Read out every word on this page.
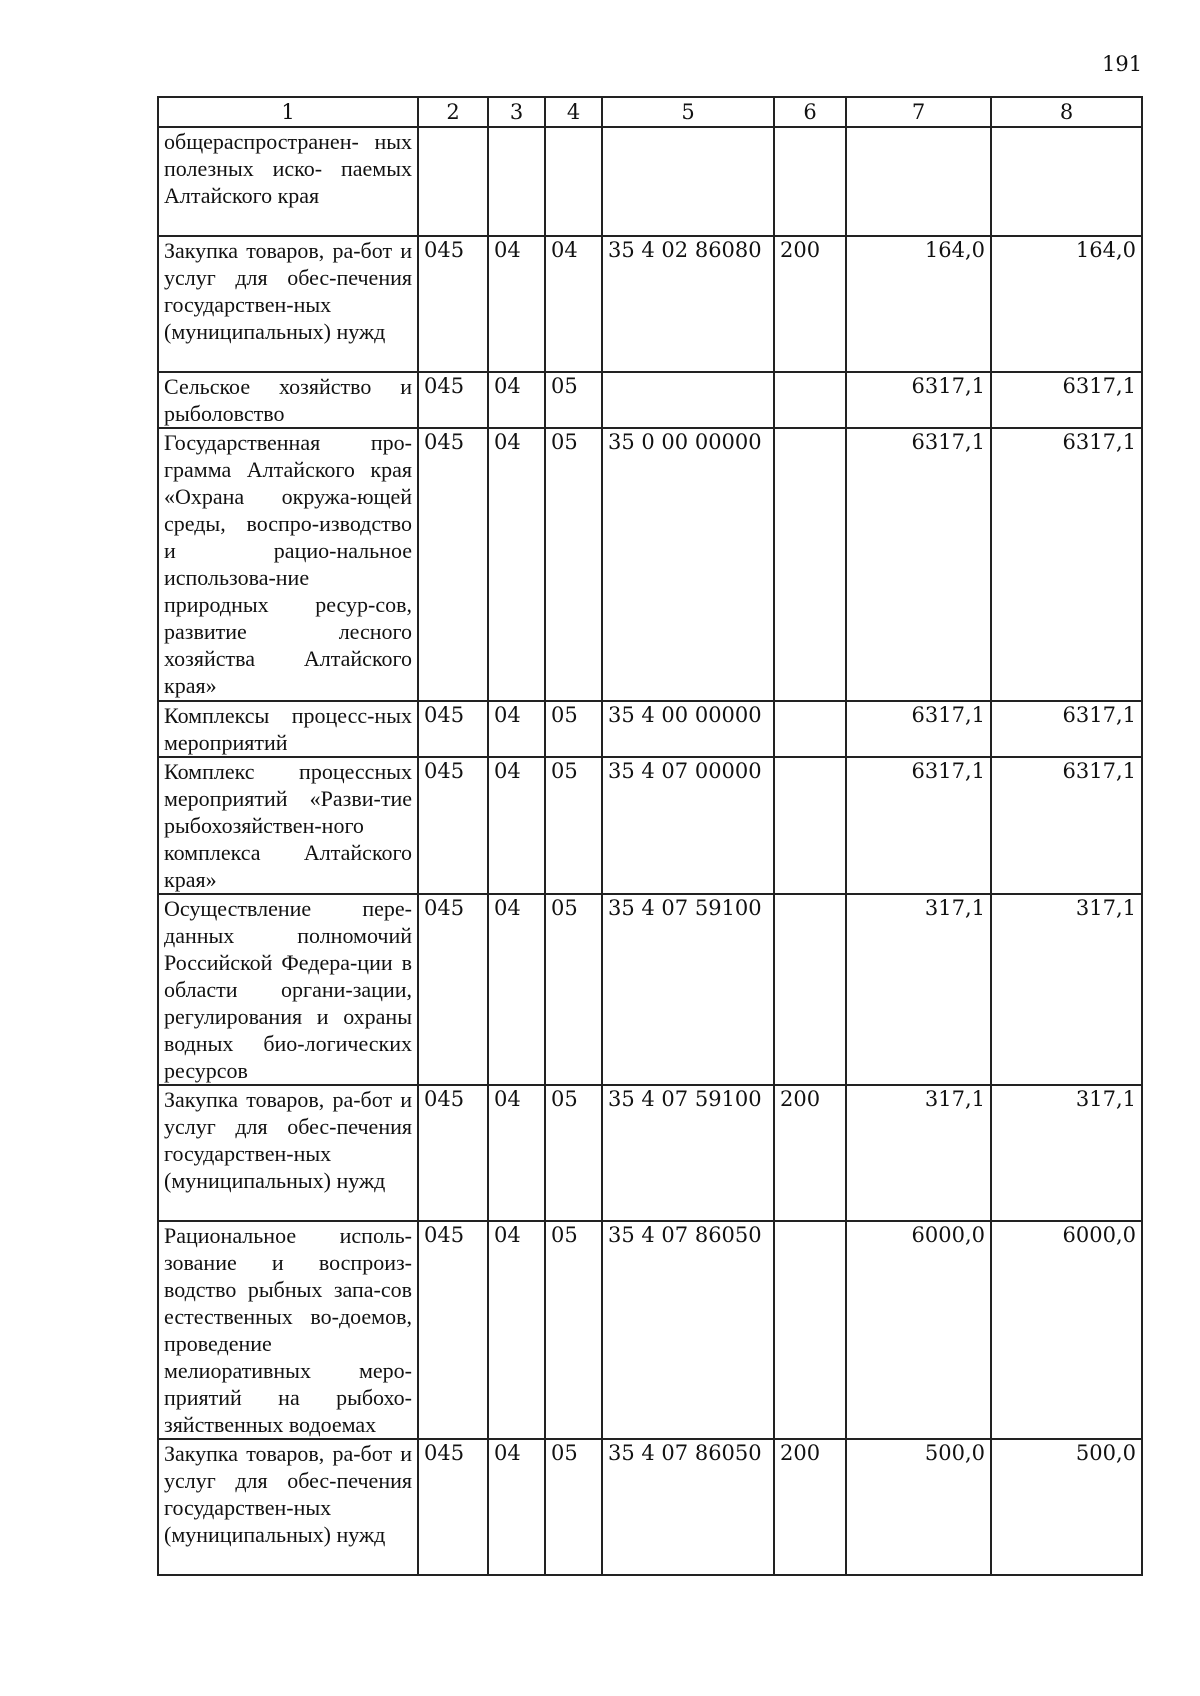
191
1	2	3	4	5	6	7	8
общераспространен- ных полезных иско- паемых Алтайского края							
Закупка товаров, ра-бот и услуг для обес-печения государствен-ных (муниципальных) нужд	045	04	04	35 4 02 86080	200	164,0	164,0
Сельское хозяйство и рыболовство	045	04	05			6317,1	6317,1
Государственная про-грамма Алтайского края «Охрана окружа-ющей среды, воспро-изводство и рацио-нальное использова-ние природных ресур-сов, развитие лесного хозяйства Алтайского края»	045	04	05	35 0 00 00000		6317,1	6317,1
Комплексы процесс-ных мероприятий	045	04	05	35 4 00 00000		6317,1	6317,1
Комплекс процессных мероприятий «Разви-тие рыбохозяйствен-ного комплекса Алтайского края»	045	04	05	35 4 07 00000		6317,1	6317,1
Осуществление пере-данных полномочий Российской Федера-ции в области органи-зации, регулирования и охраны водных био-логических ресурсов	045	04	05	35 4 07 59100		317,1	317,1
Закупка товаров, ра-бот и услуг для обес-печения государствен-ных (муниципальных) нужд	045	04	05	35 4 07 59100	200	317,1	317,1
Рациональное исполь-зование и воспроиз-водство рыбных запа-сов естественных во-доемов, проведение мелиоративных меро-приятий на рыбохо-зяйственных водоемах	045	04	05	35 4 07 86050		6000,0	6000,0
Закупка товаров, ра-бот и услуг для обес-печения государствен-ных (муниципальных) нужд	045	04	05	35 4 07 86050	200	500,0	500,0
